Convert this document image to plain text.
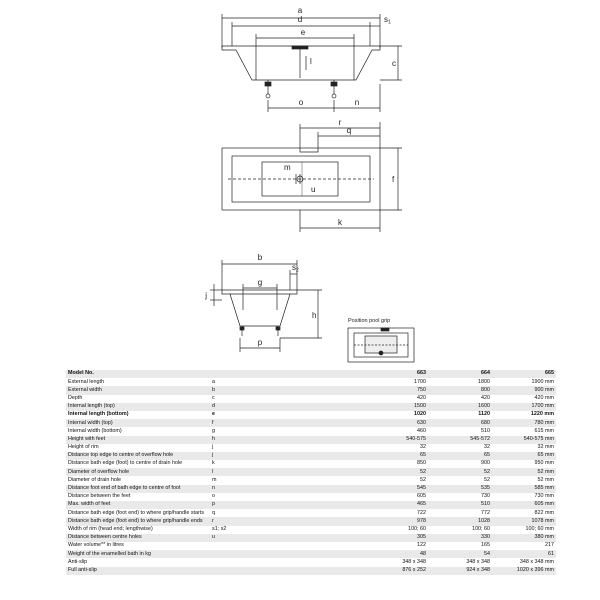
a
d	s1
e
c
l
o	n
r
q
f
m
u
k
b
s2
g
j
h
p
Position pool grip
Model No.		663	664	665
External length	a	1700	1800	1900 mm
External width	b	750	800	900 mm
Depth	c	420	420	420 mm
Internal length (top)	d	1500	1600	1700 mm
Internal length (bottom)	e	1020	1120	1220 mm
Internal width (top)	f	630	680	780 mm
Internal width (bottom)	g	460	510	615 mm
Height with feet	h	540-575	545-572	540-575 mm
Height of rim	j	32	32	32 mm
Distance top edge to centre of overflow hole	j	65	65	65 mm
Distance bath edge (foot) to centre of drain hole	k	850	900	950 mm
Diameter of overflow hole	l	52	52	52 mm
Diameter of drain hole	m	52	52	52 mm
Distance foot end of bath edge to centre of foot	n	545	535	585 mm
Distance between the feet	o	605	730	730 mm
Max. width of feet	p	465	510	605 mm
Distance bath edge (foot end) to where grip/handle starts	q	722	772	822 mm
Distance bath edge (foot end) to where grip/handle ends	r	978	1028	1078 mm
Width of rim (head end; lengthwise)	s1; s2	100; 60	100; 60	100; 60 mm
Distance between centre holes	u	305	330	380 mm
Water volume** in litres		122	165	217
Weight of the enamelled bath in kg		48	54	61
Anti-slip		348 x 348	348 x 348	348 x 348 mm
Full anti-slip		876 x 252	924 x 348	1020 x 396 mm
